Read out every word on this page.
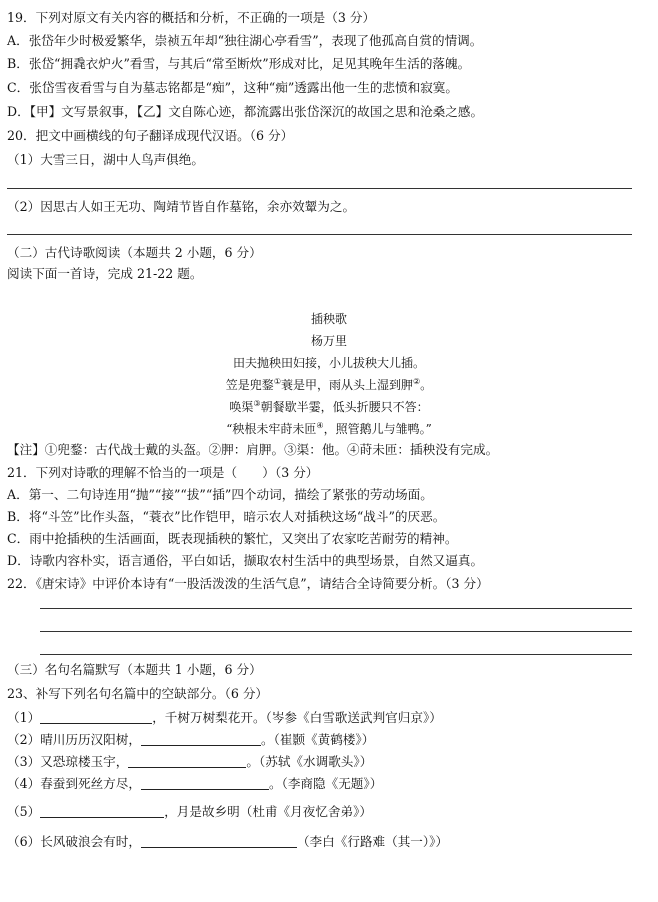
19．下列对原文有关内容的概括和分析，不正确的一项是（3 分）
A．张岱年少时极爱繁华，崇祯五年却“独往湖心亭看雪”，表现了他孤高自赏的情调。
B．张岱“拥毳衣炉火”看雪，与其后“常至断炊”形成对比，足见其晚年生活的落魄。
C．张岱雪夜看雪与自为墓志铭都是“痴”，这种“痴”透露出他一生的悲愤和寂寞。
D．【甲】文写景叙事，【乙】文自陈心迹，都流露出张岱深沉的故国之思和沧桑之感。
20．把文中画横线的句子翻译成现代汉语。（6 分）
（1）大雪三日，湖中人鸟声俱绝。
（2）因思古人如王无功、陶靖节皆自作墓铭，余亦效颦为之。
（二）古代诗歌阅读（本题共 2 小题，6 分）
阅读下面一首诗，完成 21-22 题。
插秧歌
杨万里
田夫抛秧田妇接，小儿拔秧大儿插。
笠是兜鍪①蓑是甲，雨从头上湿到胛②。
唤渠③朝餐歇半霎，低头折腰只不答：
“秧根未牢莳未匝④，照管鹅儿与雏鸭。”
【注】①兜鍪：古代战士戴的头盔。②胛：肩胛。③渠：他。④莳未匝：插秧没有完成。
21．下列对诗歌的理解不恰当的一项是（　　）（3 分）
A．第一、二句诗连用“抛”“接”“拔”“插”四个动词，描绘了紧张的劳动场面。
B．将“斗笠”比作头盔，“蓑衣”比作铠甲，暗示农人对插秧这场“战斗”的厌恶。
C．雨中抢插秧的生活画面，既表现插秧的繁忙，又突出了农家吃苦耐劳的精神。
D．诗歌内容朴实，语言通俗，平白如话，撷取农村生活中的典型场景，自然又逼真。
22．《唐宋诗》中评价本诗有“一股活泼泼的生活气息”，请结合全诗简要分析。（3 分）
（三）名句名篇默写（本题共 1 小题，6 分）
23、补写下列名句名篇中的空缺部分。（6 分）
（1）	，千树万树梨花开。（岑参《白雪歌送武判官归京》）
（2）晴川历历汉阳树，	。（崔颢《黄鹤楼》）
（3）又恐琼楼玉宇，	。（苏轼《水调歌头》）
（4）春蚕到死丝方尽，	。（李商隐《无题》）
（5）	，月是故乡明（杜甫《月夜忆舍弟》）
（6）长风破浪会有时，	（李白《行路难（其一）》）
